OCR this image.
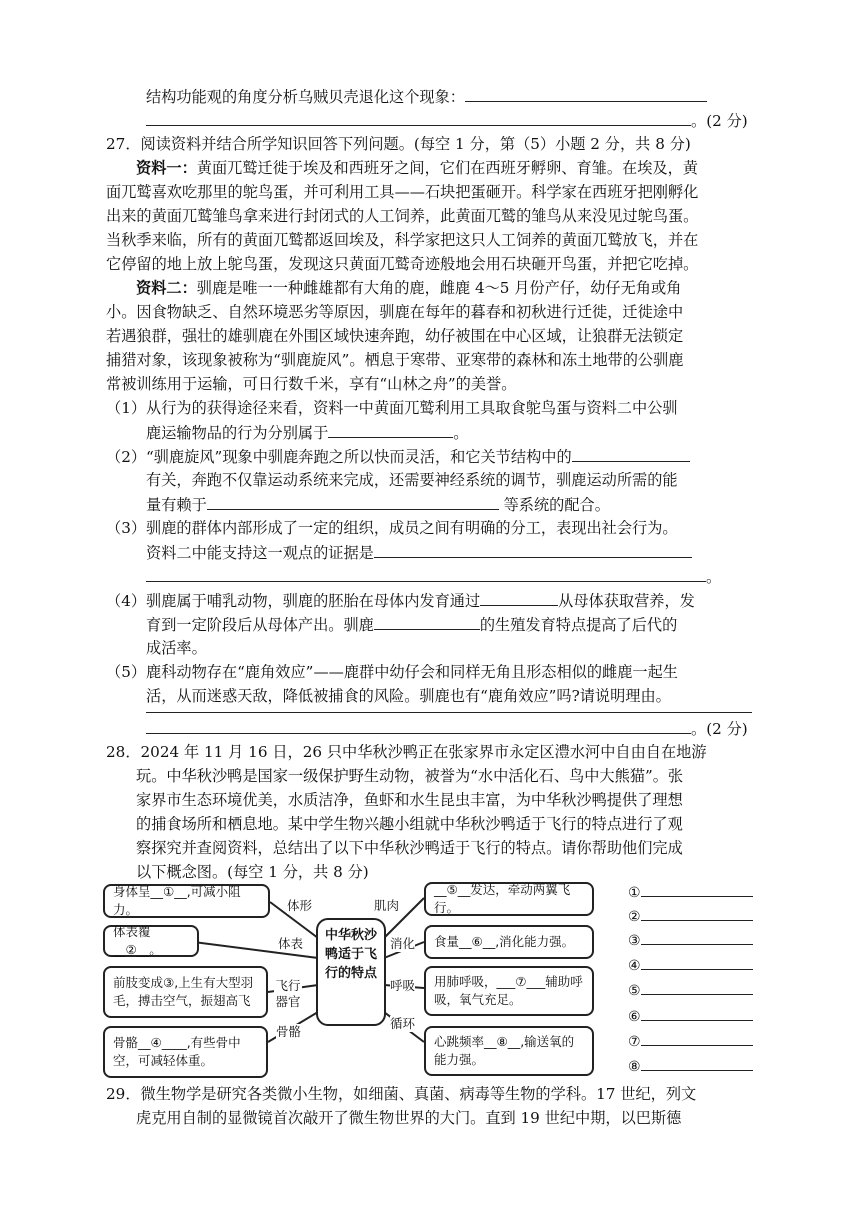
结构功能观的角度分析乌贼贝壳退化这个现象：
。(2 分)
27．阅读资料并结合所学知识回答下列问题。(每空 1 分，第（5）小题 2 分，共 8 分)
资料一：黄面兀鹫迁徙于埃及和西班牙之间，它们在西班牙孵卵、育雏。在埃及，黄
面兀鹫喜欢吃那里的鸵鸟蛋，并可利用工具——石块把蛋砸开。科学家在西班牙把刚孵化
出来的黄面兀鹫雏鸟拿来进行封闭式的人工饲养，此黄面兀鹫的雏鸟从来没见过鸵鸟蛋。
当秋季来临，所有的黄面兀鹫都返回埃及，科学家把这只人工饲养的黄面兀鹫放飞，并在
它停留的地上放上鸵鸟蛋，发现这只黄面兀鹫奇迹般地会用石块砸开鸟蛋，并把它吃掉。
资料二：驯鹿是唯一一种雌雄都有大角的鹿，雌鹿 4～5 月份产仔，幼仔无角或角
小。因食物缺乏、自然环境恶劣等原因，驯鹿在每年的暮春和初秋进行迁徙，迁徙途中
若遇狼群，强壮的雄驯鹿在外围区域快速奔跑，幼仔被围在中心区域，让狼群无法锁定
捕猎对象，该现象被称为“驯鹿旋风”。栖息于寒带、亚寒带的森林和冻土地带的公驯鹿
常被训练用于运输，可日行数千米，享有“山林之舟”的美誉。
（1）从行为的获得途径来看，资料一中黄面兀鹫利用工具取食鸵鸟蛋与资料二中公驯
鹿运输物品的行为分别属于	。
（2）“驯鹿旋风”现象中驯鹿奔跑之所以快而灵活，和它关节结构中的
有关，奔跑不仅靠运动系统来完成，还需要神经系统的调节，驯鹿运动所需的能
量有赖于	等系统的配合。
（3）驯鹿的群体内部形成了一定的组织，成员之间有明确的分工，表现出社会行为。
资料二中能支持这一观点的证据是
。
（4）驯鹿属于哺乳动物，驯鹿的胚胎在母体内发育通过	从母体获取营养，发
育到一定阶段后从母体产出。驯鹿	的生殖发育特点提高了后代的
成活率。
（5）鹿科动物存在“鹿角效应”——鹿群中幼仔会和同样无角且形态相似的雌鹿一起生
活，从而迷惑天敌，降低被捕食的风险。驯鹿也有“鹿角效应”吗?请说明理由。
。(2 分)
28．2024 年 11 月 16 日，26 只中华秋沙鸭正在张家界市永定区澧水河中自由自在地游
玩。中华秋沙鸭是国家一级保护野生动物，被誉为“水中活化石、鸟中大熊猫”。张
家界市生态环境优美，水质洁净，鱼虾和水生昆虫丰富，为中华秋沙鸭提供了理想
的捕食场所和栖息地。某中学生物兴趣小组就中华秋沙鸭适于飞行的特点进行了观
察探究并查阅资料，总结出了以下中华秋沙鸭适于飞行的特点。请你帮助他们完成
以下概念图。(每空 1 分，共 8 分)
身体呈__①__,可减小阻力。
体表覆__②__。
前肢变成③,上生有大型羽毛，搏击空气，振翅高飞
骨骼__④____,有些骨中空，可减轻体重。
中华秋沙鸭适于飞行的特点
__⑤__发达，牵动两翼飞行。
食量__⑥__,消化能力强。
用肺呼吸，___⑦___辅助呼吸，氧气充足。
心跳频率__⑧__,输送氧的能力强。
体形
体表
飞行器官
骨骼
肌肉
消化
呼吸
循环
①
②
③
④
⑤
⑥
⑦
⑧
29．微生物学是研究各类微小生物，如细菌、真菌、病毒等生物的学科。17 世纪，列文
虎克用自制的显微镜首次敲开了微生物世界的大门。直到 19 世纪中期，以巴斯德
